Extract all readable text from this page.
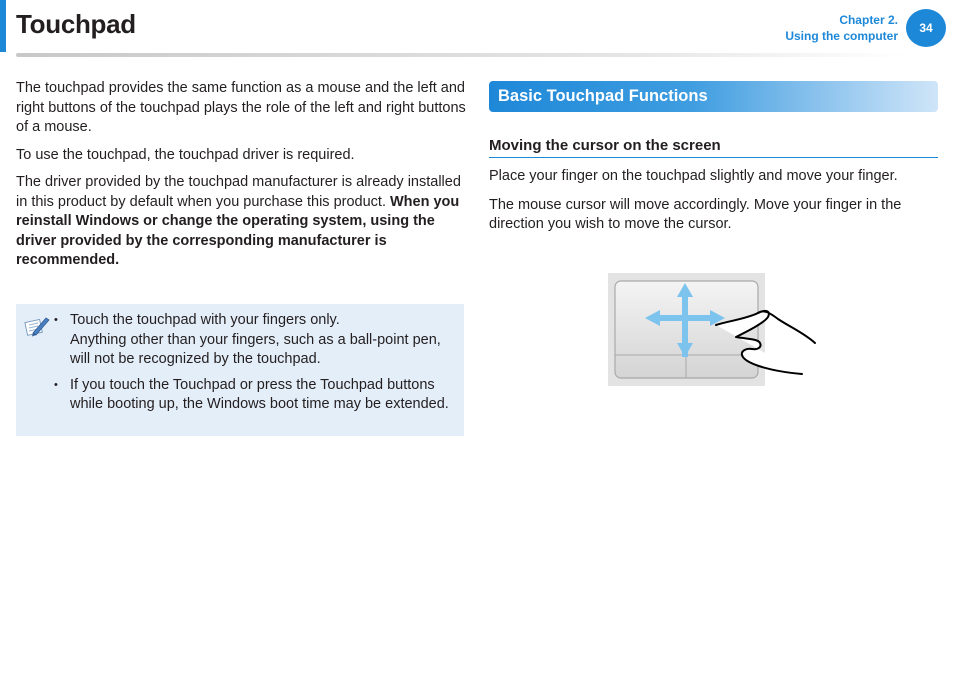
Touchpad	Chapter 2.
Using the computer
34

The touchpad provides the same function as a mouse and the left and right buttons of the touchpad plays the role of the left and right buttons of a mouse.

To use the touchpad, the touchpad driver is required.

The driver provided by the touchpad manufacturer is already installed in this product by default when you purchase this product. When you reinstall Windows or change the operating system, using the driver provided by the corresponding manufacturer is recommended.

• Touch the touchpad with your fingers only.
Anything other than your fingers, such as a ball-point pen, will not be recognized by the touchpad.
• If you touch the Touchpad or press the Touchpad buttons while booting up, the Windows boot time may be extended.
Basic Touchpad Functions
Moving the cursor on the screen

Place your finger on the touchpad slightly and move your finger.

The mouse cursor will move accordingly. Move your finger in the direction you wish to move the cursor.
